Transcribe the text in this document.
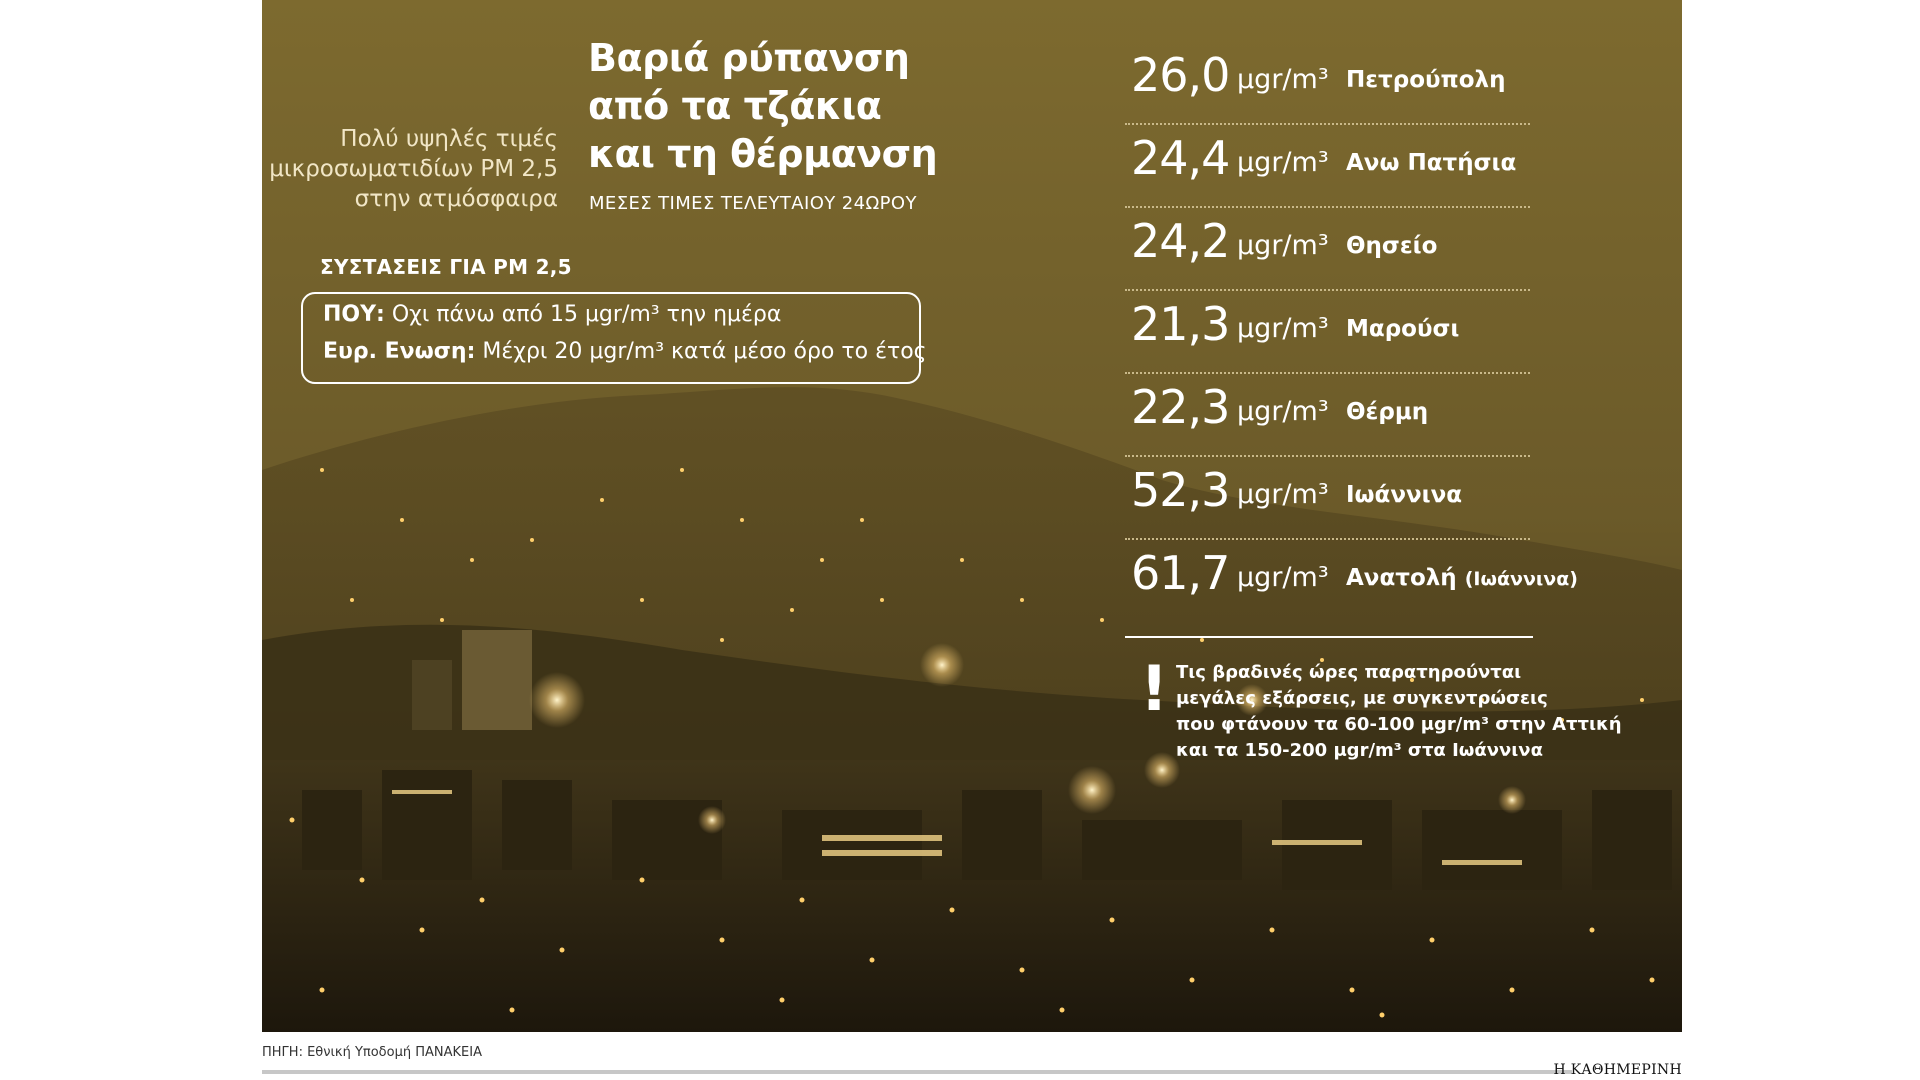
Πολύ υψηλές τιμές
μικροσωματιδίων PM 2,5
στην ατμόσφαιρα
Βαριά ρύπανση
από τα τζάκια
και τη θέρμανση
ΜΕΣΕΣ ΤΙΜΕΣ ΤΕΛΕΥΤΑΙΟΥ 24ΩΡΟΥ
ΣΥΣΤΑΣΕΙΣ ΓΙΑ PM 2,5
ΠΟΥ: Οχι πάνω από 15 μgr/m³ την ημέρα
Ευρ. Ενωση: Μέχρι 20 μgr/m³ κατά μέσο όρο το έτος
26,0 μgr/m³ Πετρούπολη
24,4 μgr/m³ Ανω Πατήσια
24,2 μgr/m³ Θησείο
21,3 μgr/m³ Μαρούσι
22,3 μgr/m³ Θέρμη
52,3 μgr/m³ Ιωάννινα
61,7 μgr/m³ Ανατολή (Ιωάννινα)
! Τις βραδινές ώρες παρατηρούνται
μεγάλες εξάρσεις, με συγκεντρώσεις
που φτάνουν τα 60-100 μgr/m³ στην Αττική
και τα 150-200 μgr/m³ στα Ιωάννινα
ΠΗΓΗ: Εθνική Υποδομή ΠΑΝΑΚΕΙΑ
Η ΚΑΘΗΜΕΡΙΝΗ
